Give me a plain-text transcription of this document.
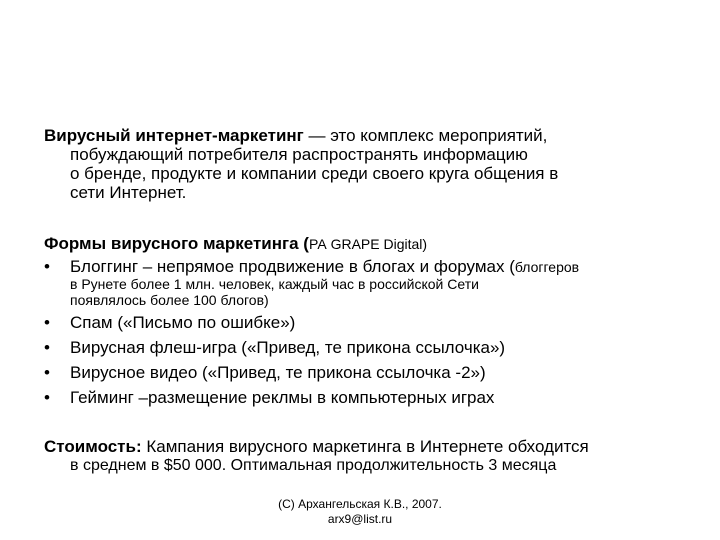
Вирусный интернет-маркетинг — это комплекс мероприятий,
побуждающий потребителя распространять информацию
о бренде, продукте и компании среди своего круга общения в
сети Интернет.
Формы вирусного маркетинга (РА GRAPE Digital)
• Блоггинг – непрямое продвижение в блогах и форумах (блоггеров
в Рунете более 1 млн. человек, каждый час в российской Сети
появлялось более 100 блогов)
• Спам («Письмо по ошибке»)
• Вирусная флеш-игра («Привед, те прикона ссылочка»)
• Вирусное видео («Привед, те прикона ссылочка -2»)
• Гейминг –размещение реклмы в компьютерных играх
Стоимость: Кампания вирусного маркетинга в Интернете обходится
в среднем в $50 000. Оптимальная продолжительность 3 месяца
(C) Архангельская К.В., 2007.
arx9@list.ru
